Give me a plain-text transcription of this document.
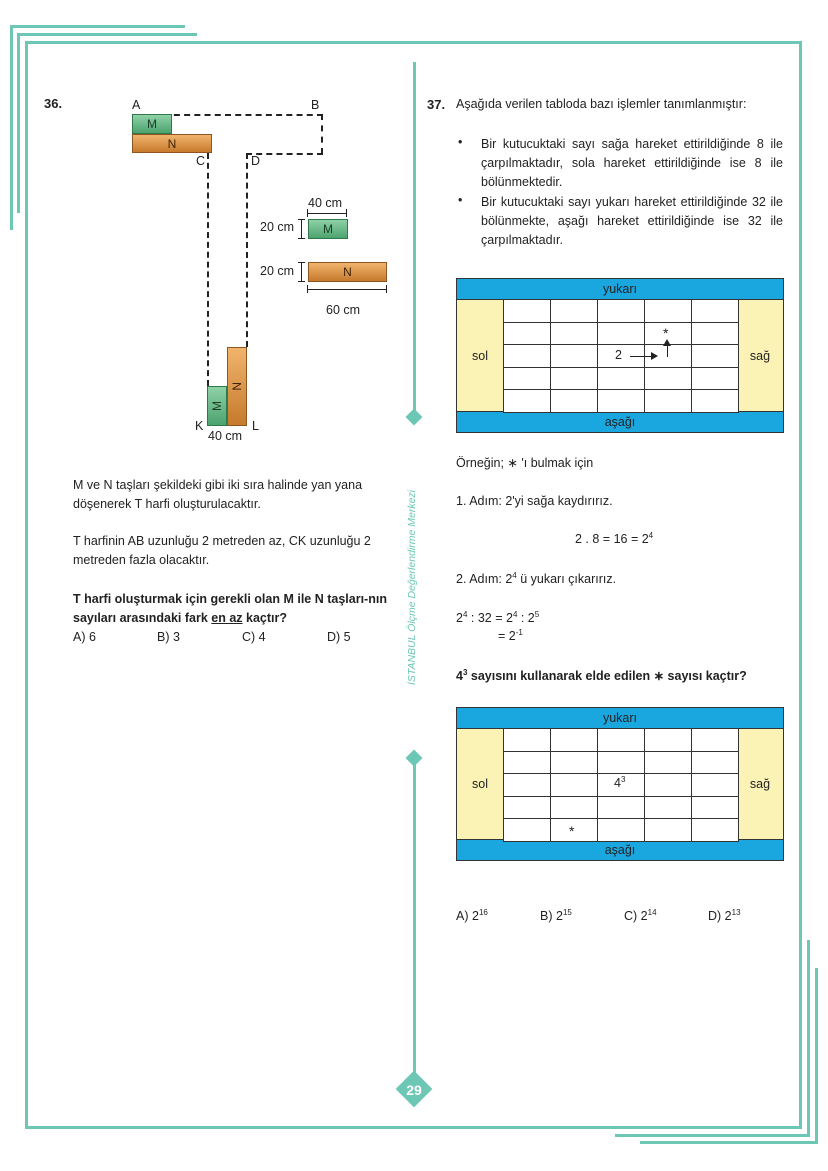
İSTANBUL Ölçme Değerlendirme Merkezi
29
36.
M
N
M
N
A	B
C	D
K	L
40 cm
40 cm
M
20 cm
N
20 cm
60 cm
M ve N taşları şekildeki gibi iki sıra halinde yan yana döşenerek T harfi oluşturulacaktır.
T harfinin AB uzunluğu 2 metreden az, CK uzunluğu 2 metreden fazla olacaktır.
T harfi oluşturmak için gerekli olan M ile N taşları-nın sayıları arasındaki fark en az kaçtır?
A) 6	B) 3	C) 4	D) 5
37. Aşağıda verilen tabloda bazı işlemler tanımlanmıştır:
• Bir kutucuktaki sayı sağa hareket ettirildiğinde 8 ile çarpılmaktadır, sola hareket ettirildiğinde ise 8 ile bölünmektedir.
• Bir kutucuktaki sayı yukarı hareket ettirildiğinde 32 ile bölünmekte, aşağı hareket ettirildiğinde ise 32 ile çarpılmaktadır.
yukarı
aşağı
sol	sağ
2
*
Örneğin; ∗ 'ı bulmak için
1. Adım: 2'yi sağa kaydırırız.
2 . $8 = 16 = 2^4$
2. Adım: $2^4$ ü yukarı çıkarırız.
$2^4$ : $32 = 2^4$ : $2^5$
= $2^{-1}$
$4^3$ sayısını kullanarak elde edilen ∗ sayısı kaçtır?
yukarı
aşağı
sol	sağ
$4^3$
*
A) $2^{16}$	B) $2^{15}$	C) $2^{14}$	D) $2^{13}$
